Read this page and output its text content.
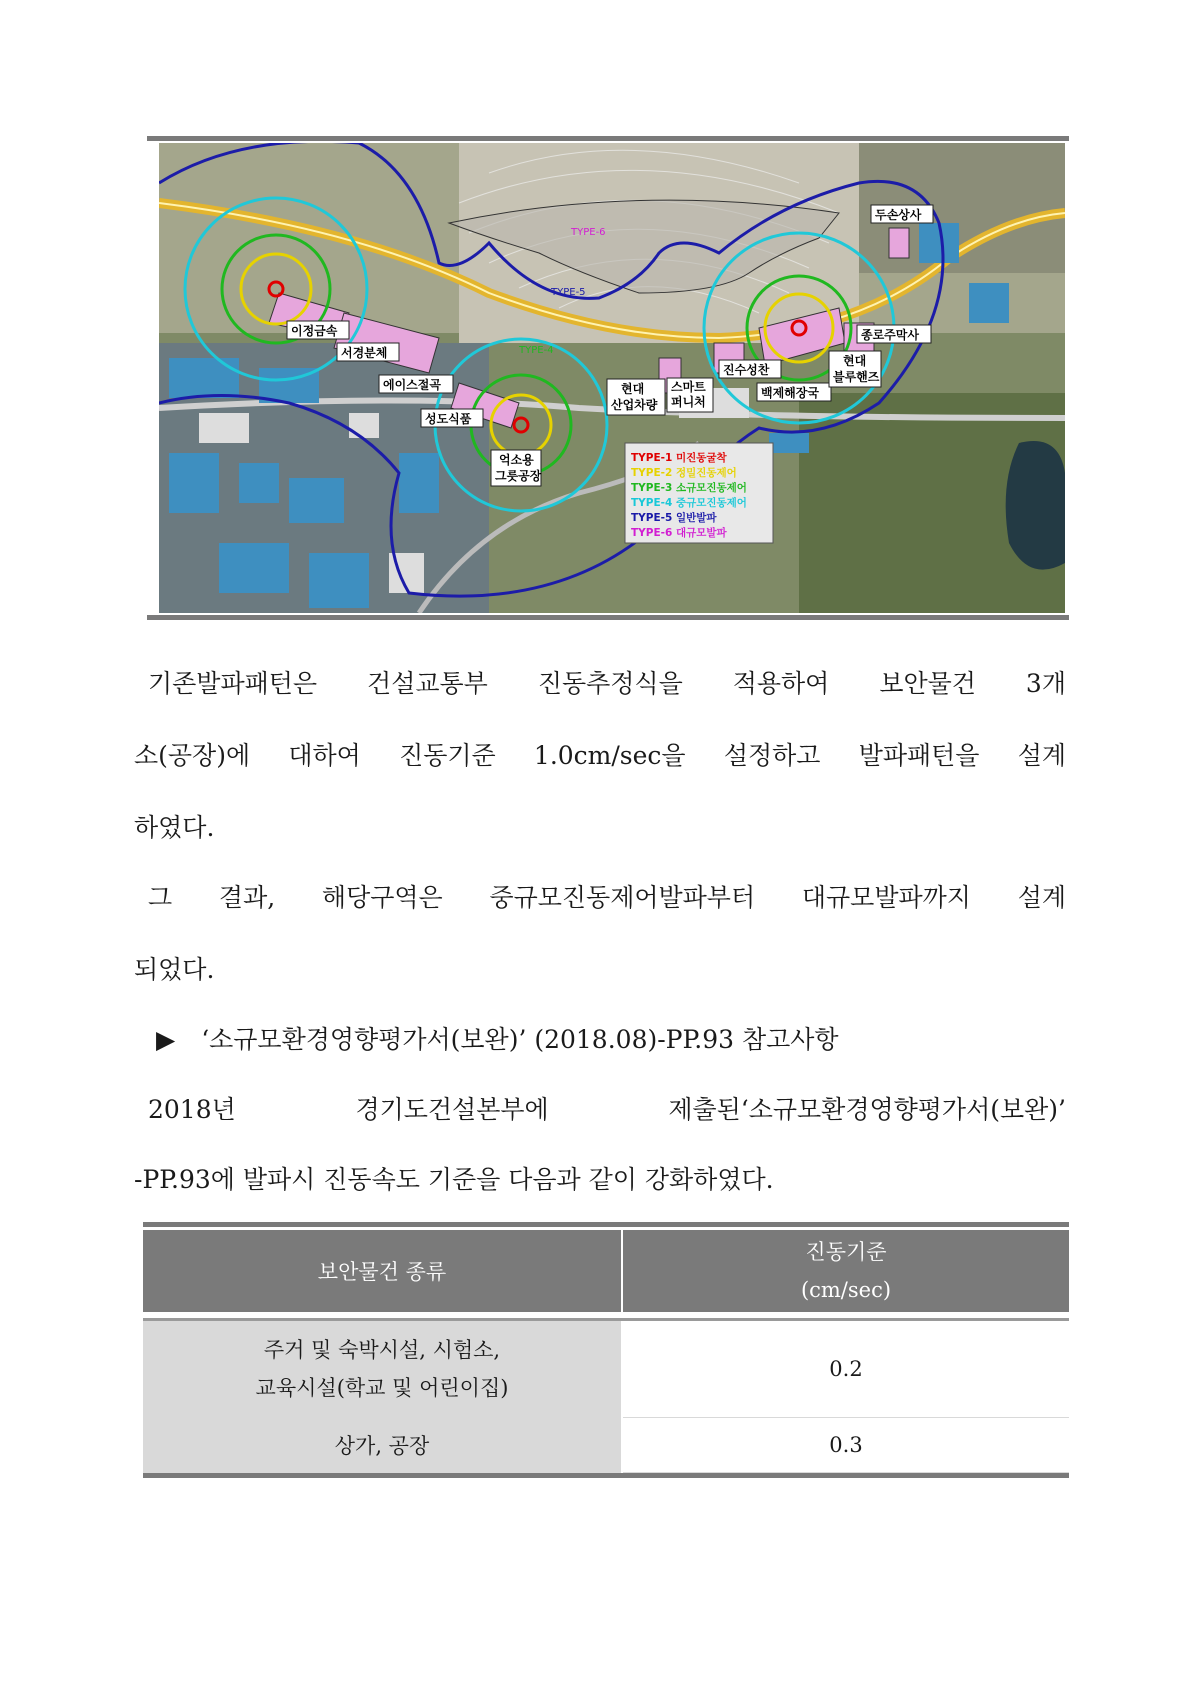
TYPE-6
TYPE-5
TYPE-4
이정금속
서경분체
에이스절곡
성도식품
억소용
그릇공장
현대
산업차량
스마트
퍼니처
진수성찬
백제해장국
종로주막사
현대
블루핸즈
두손상사
TYPE-1 미진동굴착
TYPE-2 정밀진동제어
TYPE-3 소규모진동제어
TYPE-4 중규모진동제어
TYPE-5 일반발파
TYPE-6 대규모발파

기존발파패턴은 건설교통부 진동추정식을 적용하여 보안물건 3개

소(공장)에 대하여 진동기준 1.0cm/sec을 설정하고 발파패턴을 설계

하였다.

그 결과, 해당구역은 중규모진동제어발파부터 대규모발파까지 설계

되었다.

▶ ‘소규모환경영향평가서(보완)’ (2018.08)-PP.93 참고사항

2018년 경기도건설본부에 제출된‘소규모환경영향평가서(보완)’

-PP.93에 발파시 진동속도 기준을 다음과 같이 강화하였다.

보안물건 종류	진동기준
(cm/sec)
주거 및 숙박시설, 시험소,
교육시설(학교 및 어린이집)	0.2
상가, 공장	0.3
